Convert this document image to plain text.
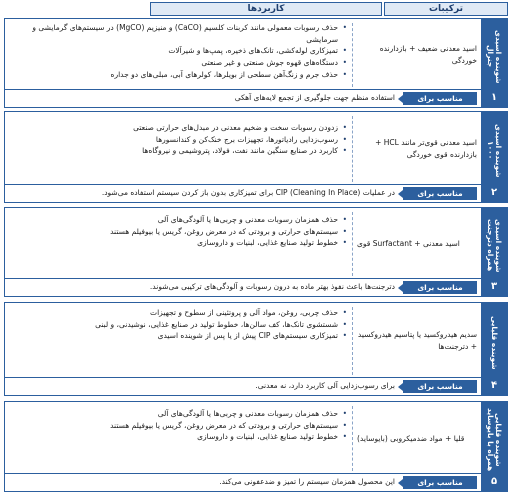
ترکیبات
کاربردها
شوینده اسیدی جنرال
۱
اسید معدنی ضعیف + بازدارنده خوردگی
• حذف رسوبات معمولی مانند کربنات کلسیم (CaCO) و منیزیم (MgCO) در سیستم‌های گرمایشی و سرمایشی
• تمیزکاری لوله‌کشی، تانک‌های ذخیره، پمپ‌ها و شیرآلات
• دستگاه‌های قهوه جوش صنعتی و غیر صنعتی
• حذف جرم و زنگ‌آهن سطحی از بویلرها، کولرهای آبی، مبلی‌های دو جداره
مناسب برای
استفاده منظم جهت جلوگیری از تجمع لایه‌های آهکی
شوینده اسیدی ۱۰۰۰
۲
اسید معدنی قوی‌تر مانند HCL + بازدارنده قوی خوردگی
• زدودن رسوبات سخت و ضخیم معدنی در مبدل‌های حرارتی صنعتی
• رسوب‌زدایی رادیاتورها، تجهیزات برج خنک‌کن و کندانسورها
• کاربرد در صنایع سنگین مانند نفت، فولاد، پتروشیمی و نیروگاه‌ها
مناسب برای
در عملیات CIP (Cleaning In Place) برای تمیزکاری بدون باز کردن سیستم استفاده می‌شود.
شوینده اسیدی همراه دترجنت
۳
اسید معدنی + Surfactant قوی
• حذف همزمان رسوبات معدنی و چربی‌ها یا آلودگی‌های آلی
• سیستم‌های حرارتی و برودتی که در معرض روغن، گریس یا بیوفیلم هستند
• خطوط تولید صنایع غذایی، لبنیات و دارو‌سازی
مناسب برای
دترجنت‌ها باعث نفوذ بهتر ماده به درون رسوبات و آلودگی‌های ترکیبی می‌شوند.
شوینده قلیایی
۴
سدیم هیدروکسید یا پتاسیم هیدروکسید + دترجنت‌ها
• حذف چربی، روغن، مواد آلی و پروتئینی از سطوح و تجهیزات
• شستشوی تانک‌ها، کف سالن‌ها، خطوط تولید در صنایع غذایی، نوشیدنی، و لبنی
• تمیزکاری سیستم‌های CIP پیش از یا پس از شوینده اسیدی
مناسب برای
برای رسوب‌زدایی آلی کاربرد دارد، نه معدنی.
شوینده قلیایی همراه با بایوساید
۵
قلیا + مواد ضدمیکروبی (بایوساید)
• حذف همزمان رسوبات معدنی و چربی‌ها یا آلودگی‌های آلی
• سیستم‌های حرارتی و برودتی که در معرض روغن، گریس یا بیوفیلم هستند
• خطوط تولید صنایع غذایی، لبنیات و دارو‌سازی
مناسب برای
این محصول همزمان سیستم را تمیز و ضدعفونی می‌کند.
